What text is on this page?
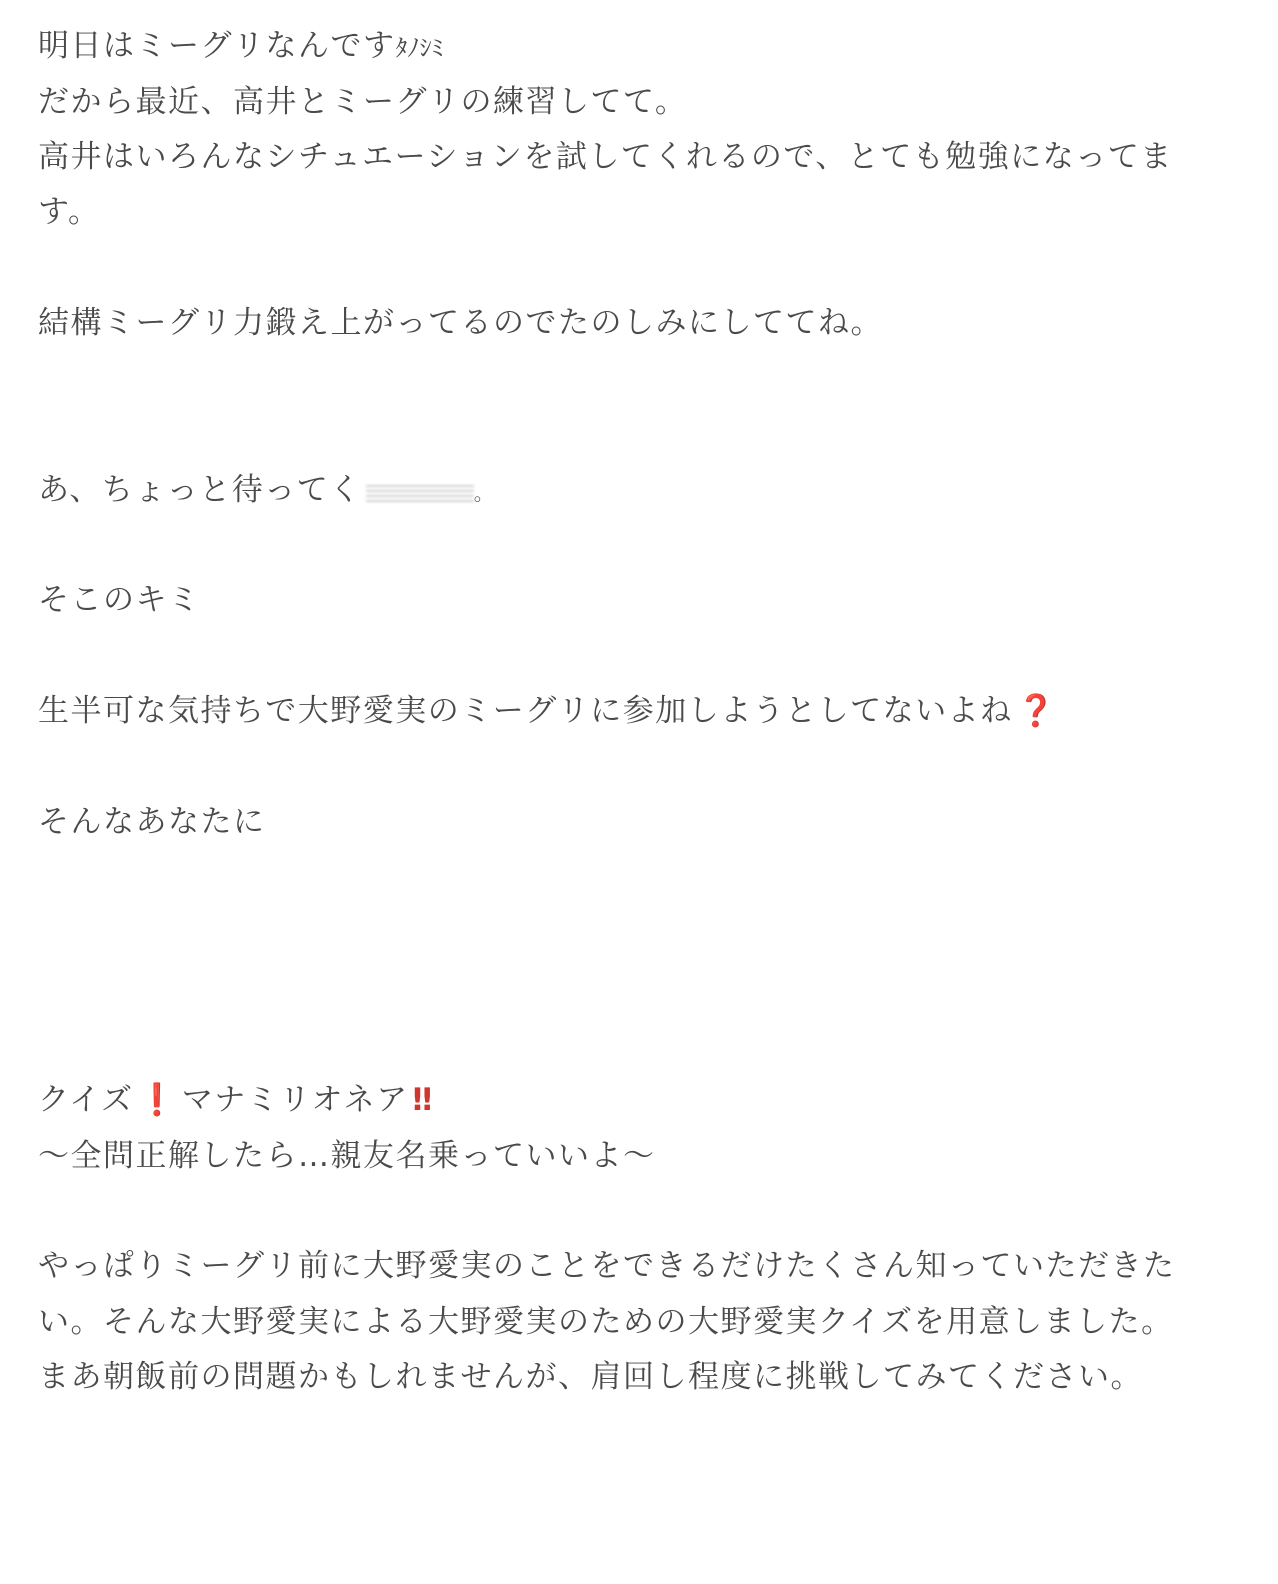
明日はミーグリなんですﾀﾉｼﾐ
だから最近、高井とミーグリの練習してて。
高井はいろんなシチュエーションを試してくれるので、とても勉強になってま
す。
結構ミーグリ力鍛え上がってるのでたのしみにしててね。
あ、ちょっと待ってく	。
そこのキミ
生半可な気持ちで大野愛実のミーグリに参加しようとしてないよね ❓
そんなあなたに
クイズ ❗ マナミリオネア ‼
〜全問正解したら…親友名乗っていいよ〜
やっぱりミーグリ前に大野愛実のことをできるだけたくさん知っていただきた
い。そんな大野愛実による大野愛実のための大野愛実クイズを用意しました。
まあ朝飯前の問題かもしれませんが、肩回し程度に挑戦してみてください。
